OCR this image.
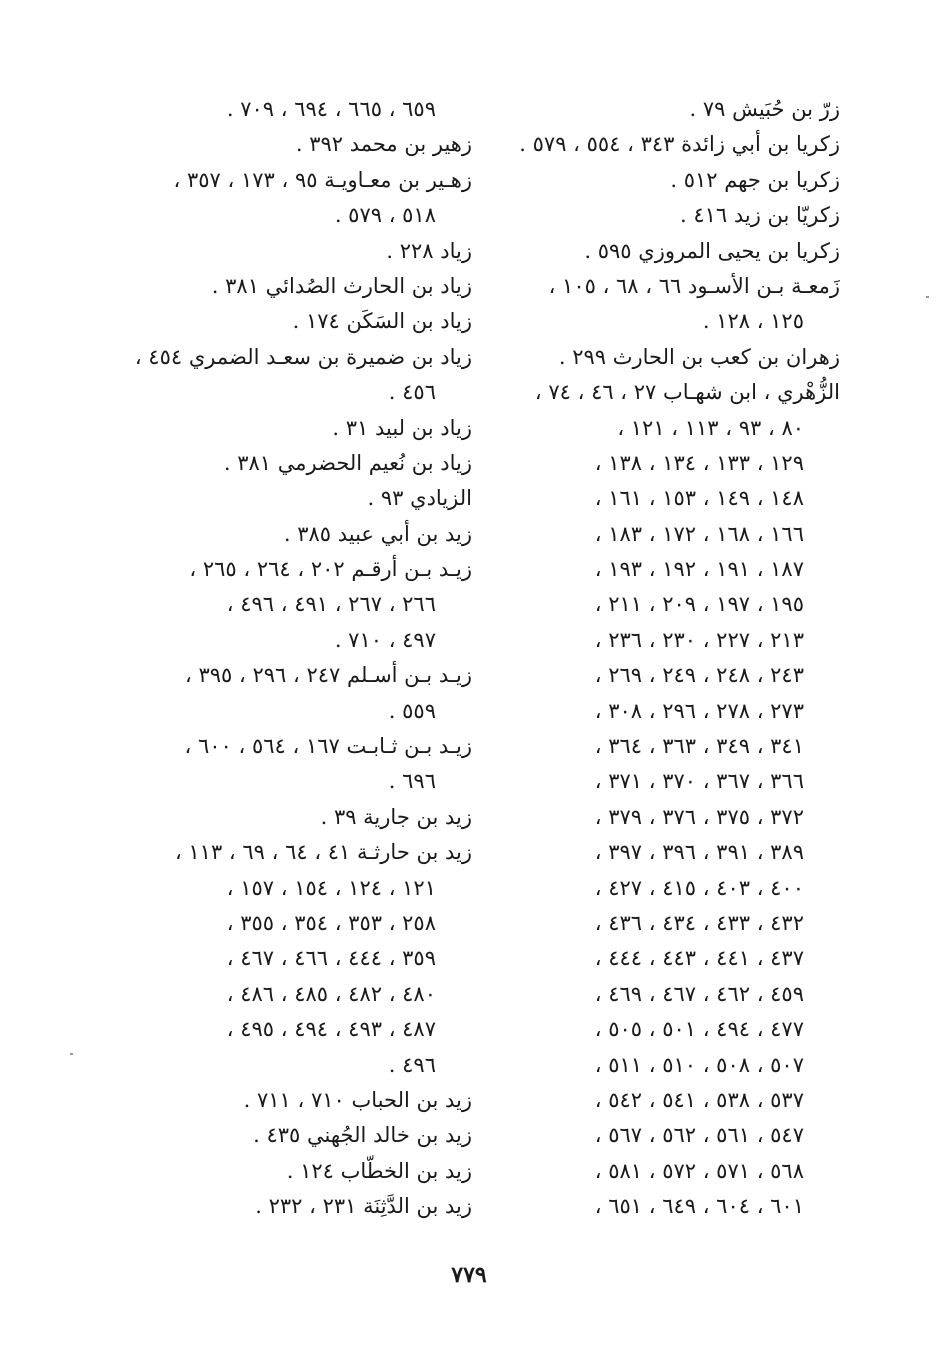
زرّ بن حُبَيش ٧٩ .
زكريا بن أبي زائدة ٣٤٣ ، ٥٥٤ ، ٥٧٩ .
زكريا بن جهم ٥١٢ .
زكريّا بن زيد ٤١٦ .
زكريا بن يحيى المروزي ٥٩٥ .
زَمعـة بـن الأسـود ٦٦ ، ٦٨ ، ١٠٥ ،
١٢٥ ، ١٢٨ .
زهران بن كعب بن الحارث ٢٩٩ .
الزُّهْري ، ابن شهـاب ٢٧ ، ٤٦ ، ٧٤ ،
٨٠ ، ٩٣ ، ١١٣ ، ١٢١ ،
١٢٩ ، ١٣٣ ، ١٣٤ ، ١٣٨ ،
١٤٨ ، ١٤٩ ، ١٥٣ ، ١٦١ ،
١٦٦ ، ١٦٨ ، ١٧٢ ، ١٨٣ ،
١٨٧ ، ١٩١ ، ١٩٢ ، ١٩٣ ،
١٩٥ ، ١٩٧ ، ٢٠٩ ، ٢١١ ،
٢١٣ ، ٢٢٧ ، ٢٣٠ ، ٢٣٦ ،
٢٤٣ ، ٢٤٨ ، ٢٤٩ ، ٢٦٩ ،
٢٧٣ ، ٢٧٨ ، ٢٩٦ ، ٣٠٨ ،
٣٤١ ، ٣٤٩ ، ٣٦٣ ، ٣٦٤ ،
٣٦٦ ، ٣٦٧ ، ٣٧٠ ، ٣٧١ ،
٣٧٢ ، ٣٧٥ ، ٣٧٦ ، ٣٧٩ ،
٣٨٩ ، ٣٩١ ، ٣٩٦ ، ٣٩٧ ،
٤٠٠ ، ٤٠٣ ، ٤١٥ ، ٤٢٧ ،
٤٣٢ ، ٤٣٣ ، ٤٣٤ ، ٤٣٦ ،
٤٣٧ ، ٤٤١ ، ٤٤٣ ، ٤٤٤ ،
٤٥٩ ، ٤٦٢ ، ٤٦٧ ، ٤٦٩ ،
٤٧٧ ، ٤٩٤ ، ٥٠١ ، ٥٠٥ ،
٥٠٧ ، ٥٠٨ ، ٥١٠ ، ٥١١ ،
٥٣٧ ، ٥٣٨ ، ٥٤١ ، ٥٤٢ ،
٥٤٧ ، ٥٦١ ، ٥٦٢ ، ٥٦٧ ،
٥٦٨ ، ٥٧١ ، ٥٧٢ ، ٥٨١ ،
٦٠١ ، ٦٠٤ ، ٦٤٩ ، ٦٥١ ،
٦٥٩ ، ٦٦٥ ، ٦٩٤ ، ٧٠٩ .
زهير بن محمد ٣٩٢ .
زهـير بن معـاويـة ٩٥ ، ١٧٣ ، ٣٥٧ ،
٥١٨ ، ٥٧٩ .
زياد ٢٢٨ .
زياد بن الحارث الصُدائي ٣٨١ .
زياد بن السَكَن ١٧٤ .
زياد بن ضميرة بن سعـد الضمري ٤٥٤ ،
٤٥٦ .
زياد بن لبيد ٣١ .
زياد بن نُعيم الحضرمي ٣٨١ .
الزيادي ٩٣ .
زيد بن أبي عبيد ٣٨٥ .
زيـد بـن أرقـم ٢٠٢ ، ٢٦٤ ، ٢٦٥ ،
٢٦٦ ، ٢٦٧ ، ٤٩١ ، ٤٩٦ ،
٤٩٧ ، ٧١٠ .
زيـد بـن أسـلم ٢٤٧ ، ٢٩٦ ، ٣٩٥ ،
٥٥٩ .
زيـد بـن ثـابـت ١٦٧ ، ٥٦٤ ، ٦٠٠ ،
٦٩٦ .
زيد بن جارية ٣٩ .
زيد بن حارثـة ٤١ ، ٦٤ ، ٦٩ ، ١١٣ ،
١٢١ ، ١٢٤ ، ١٥٤ ، ١٥٧ ،
٢٥٨ ، ٣٥٣ ، ٣٥٤ ، ٣٥٥ ،
٣٥٩ ، ٤٤٤ ، ٤٦٦ ، ٤٦٧ ،
٤٨٠ ، ٤٨٢ ، ٤٨٥ ، ٤٨٦ ،
٤٨٧ ، ٤٩٣ ، ٤٩٤ ، ٤٩٥ ،
٤٩٦ .
زيد بن الحباب ٧١٠ ، ٧١١ .
زيد بن خالد الجُهني ٤٣٥ .
زيد بن الخطّاب ١٢٤ .
زيد بن الدَّثِنَة ٢٣١ ، ٢٣٢ .
٧٧٩
